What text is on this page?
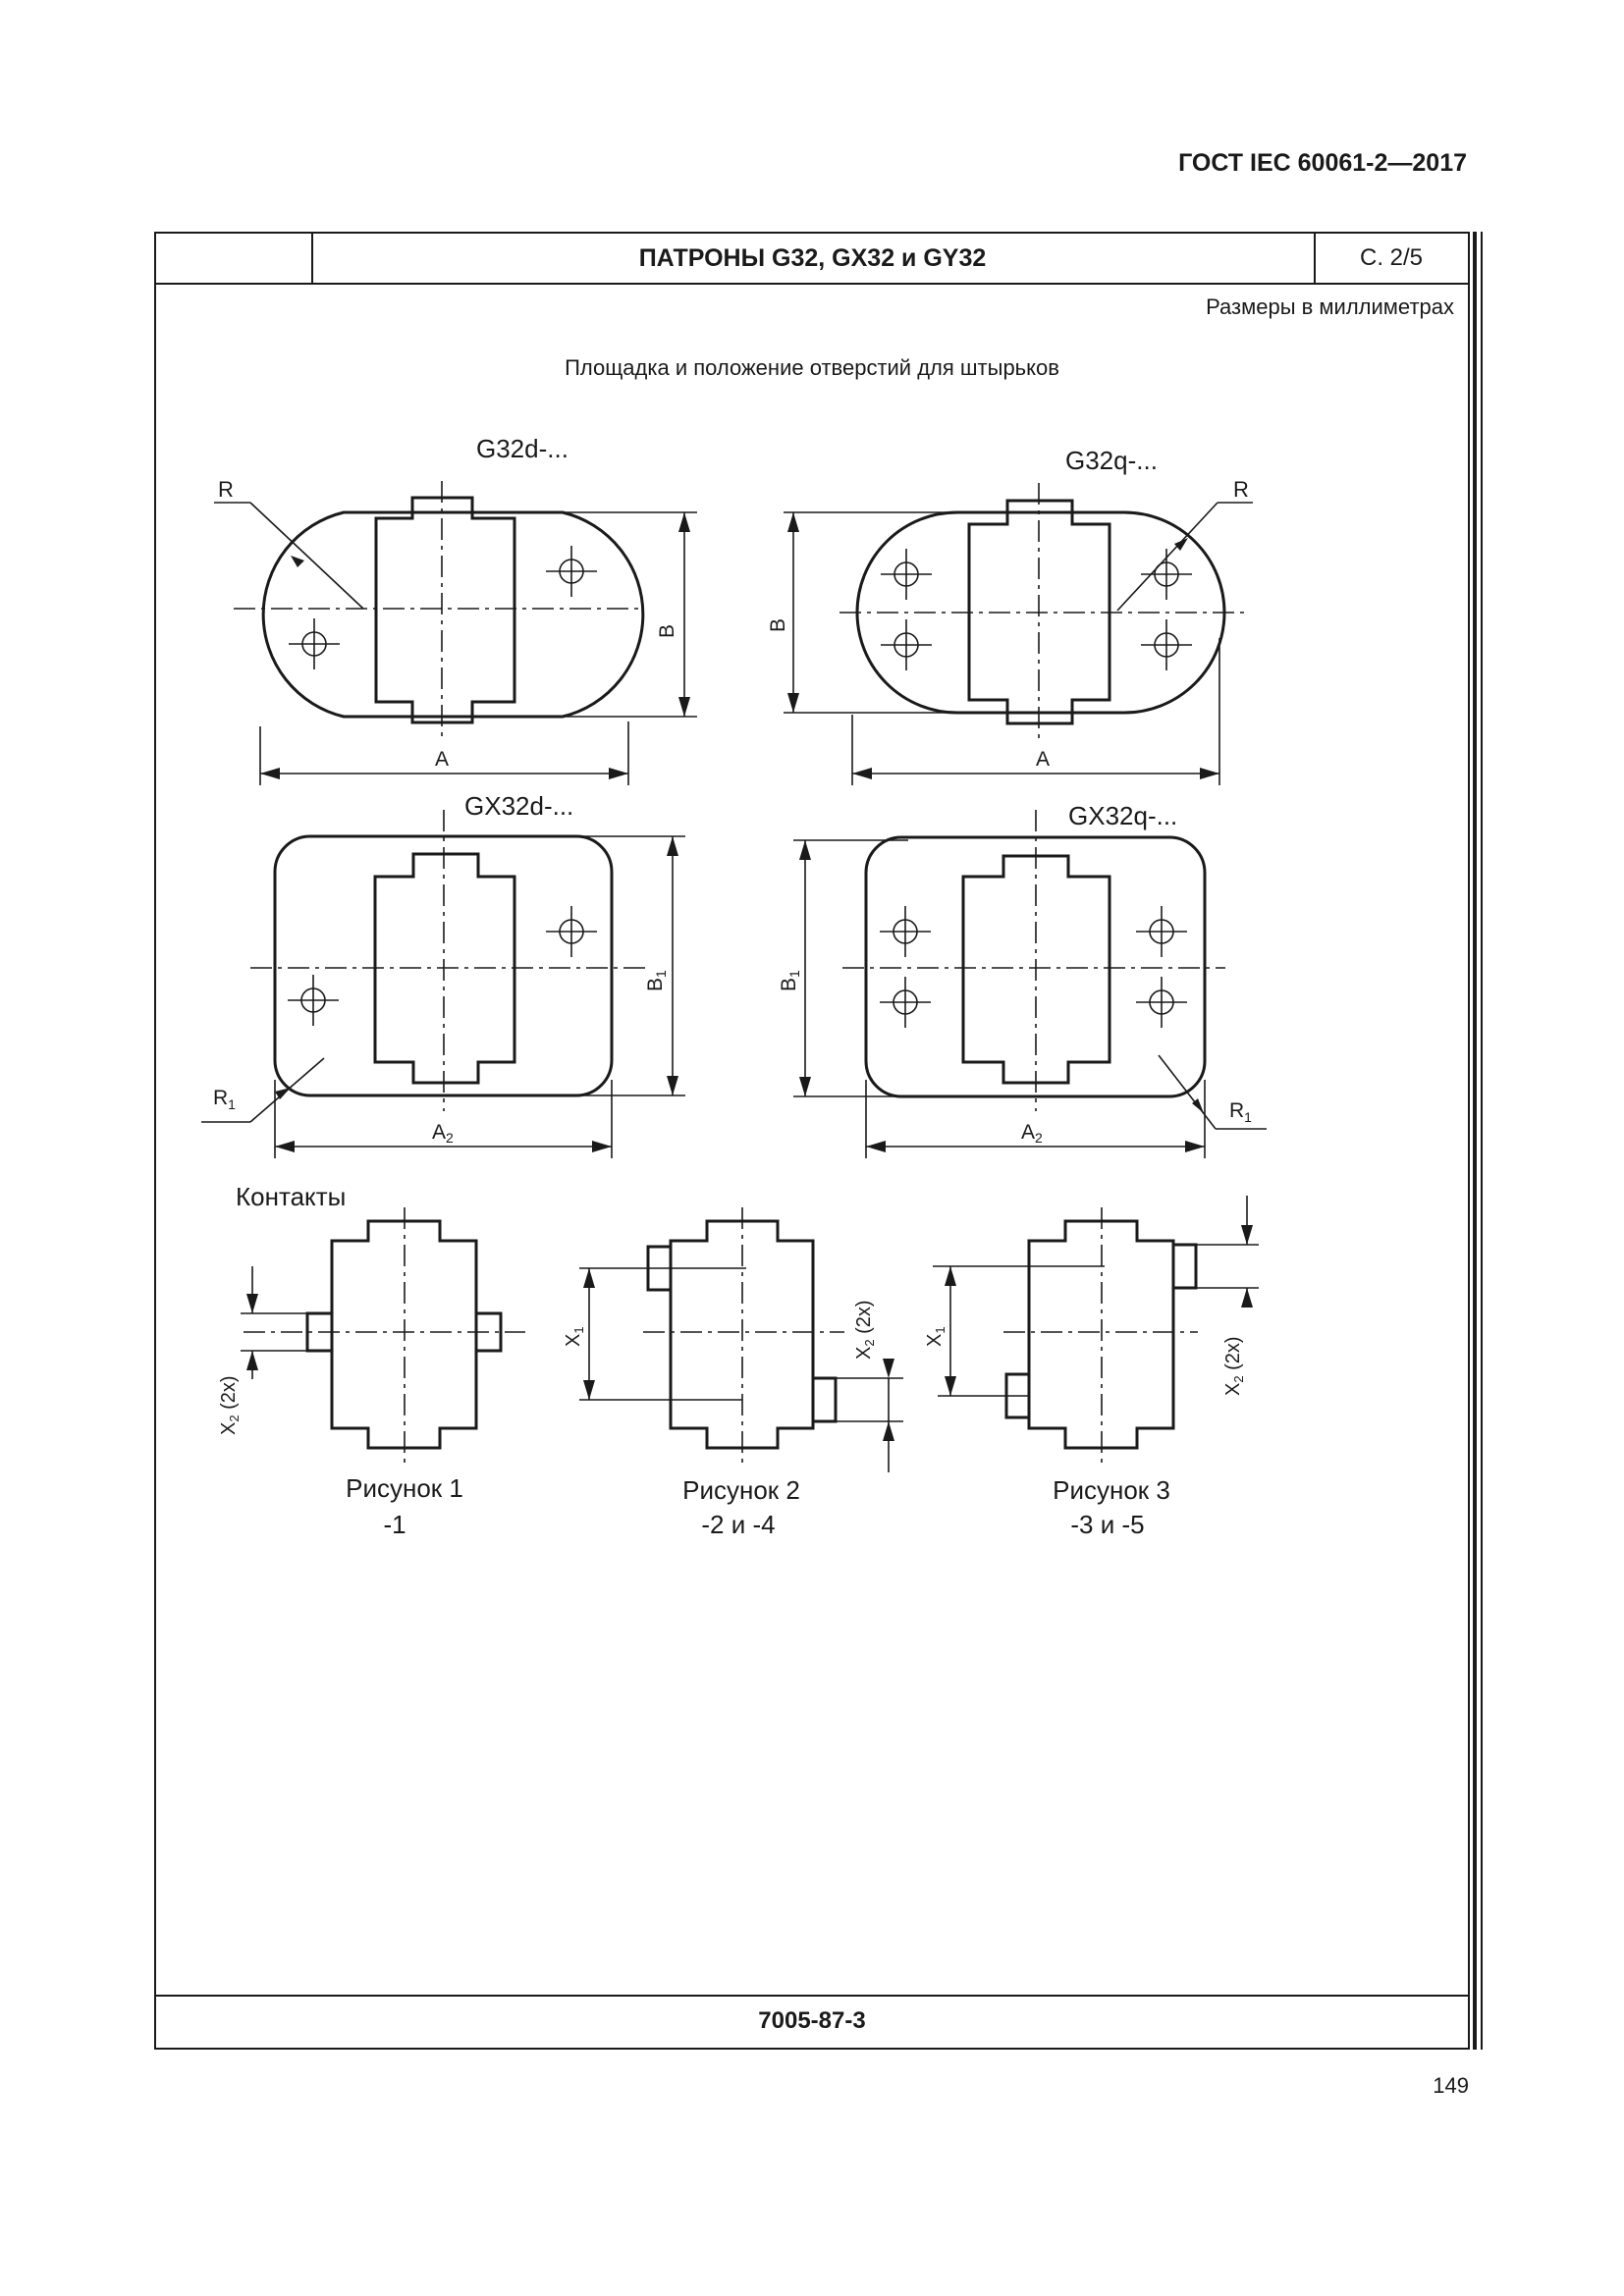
ГОСТ IEC 60061-2—2017
ПАТРОНЫ G32, GX32 и GY32	С. 2/5
Размеры в миллиметрах
Площадка и положение отверстий для штырьков
7005-87-3
G32d-...
R
A
B
G32q-...
R
A
B
GX32d-...
$R_1$
A2
B1
GX32q-...
$R_1$
A2
B1
Контакты
$X_2$ (2x)
Рисунок 1
-1
$X_1$
$X_2$ (2x)
Рисунок 2
-2 и -4
$X_1$
$X_2$ (2x)
Рисунок 3
-3 и -5
149
